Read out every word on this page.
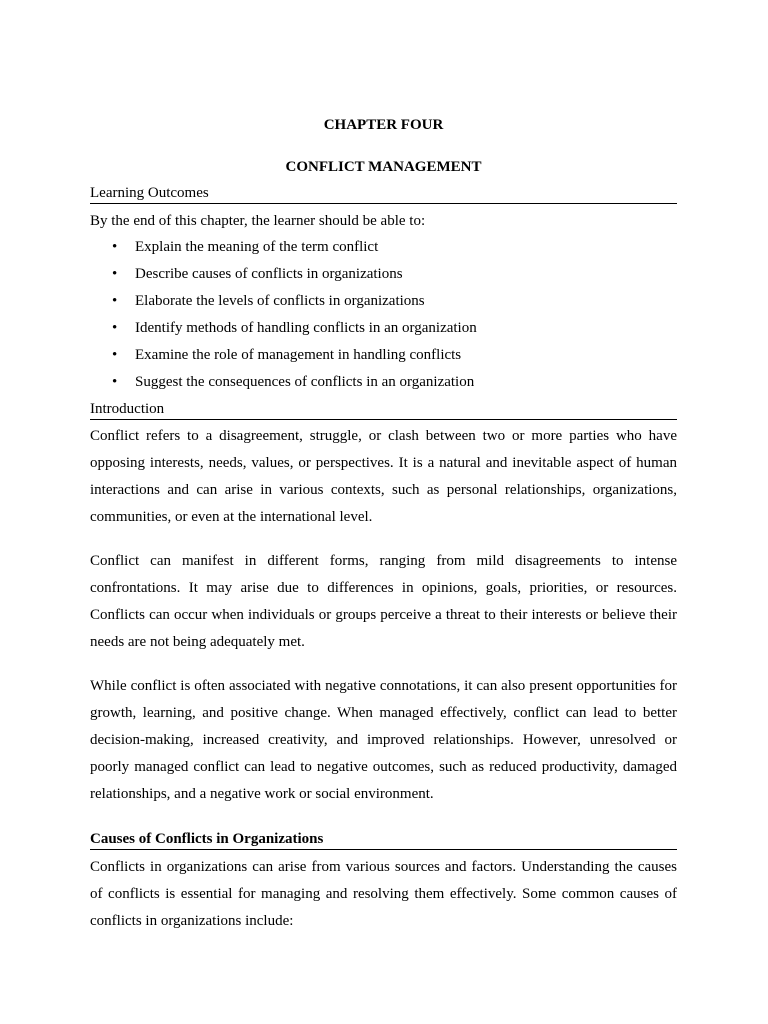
CHAPTER FOUR
CONFLICT MANAGEMENT
Learning Outcomes
By the end of this chapter, the learner should be able to:
• Explain the meaning of the term conflict
• Describe causes of conflicts in organizations
• Elaborate the levels of conflicts in organizations
• Identify methods of handling conflicts in an organization
• Examine the role of management in handling conflicts
• Suggest the consequences of conflicts in an organization
Introduction

Conflict refers to a disagreement, struggle, or clash between two or more parties who have opposing interests, needs, values, or perspectives. It is a natural and inevitable aspect of human interactions and can arise in various contexts, such as personal relationships, organizations, communities, or even at the international level.

Conflict can manifest in different forms, ranging from mild disagreements to intense confrontations. It may arise due to differences in opinions, goals, priorities, or resources. Conflicts can occur when individuals or groups perceive a threat to their interests or believe their needs are not being adequately met.

While conflict is often associated with negative connotations, it can also present opportunities for growth, learning, and positive change. When managed effectively, conflict can lead to better decision-making, increased creativity, and improved relationships. However, unresolved or poorly managed conflict can lead to negative outcomes, such as reduced productivity, damaged relationships, and a negative work or social environment.

Causes of Conflicts in Organizations

Conflicts in organizations can arise from various sources and factors. Understanding the causes of conflicts is essential for managing and resolving them effectively. Some common causes of conflicts in organizations include:
